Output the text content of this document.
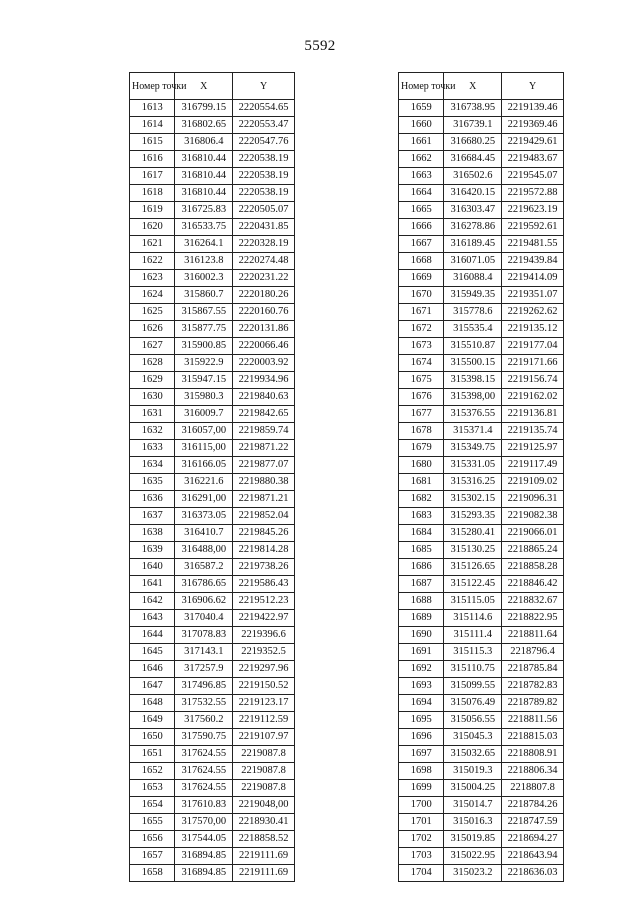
5592
Номер точки	X	Y
1613	316799.15	2220554.65
1614	316802.65	2220553.47
1615	316806.4	2220547.76
1616	316810.44	2220538.19
1617	316810.44	2220538.19
1618	316810.44	2220538.19
1619	316725.83	2220505.07
1620	316533.75	2220431.85
1621	316264.1	2220328.19
1622	316123.8	2220274.48
1623	316002.3	2220231.22
1624	315860.7	2220180.26
1625	315867.55	2220160.76
1626	315877.75	2220131.86
1627	315900.85	2220066.46
1628	315922.9	2220003.92
1629	315947.15	2219934.96
1630	315980.3	2219840.63
1631	316009.7	2219842.65
1632	316057,00	2219859.74
1633	316115,00	2219871.22
1634	316166.05	2219877.07
1635	316221.6	2219880.38
1636	316291,00	2219871.21
1637	316373.05	2219852.04
1638	316410.7	2219845.26
1639	316488,00	2219814.28
1640	316587.2	2219738.26
1641	316786.65	2219586.43
1642	316906.62	2219512.23
1643	317040.4	2219422.97
1644	317078.83	2219396.6
1645	317143.1	2219352.5
1646	317257.9	2219297.96
1647	317496.85	2219150.52
1648	317532.55	2219123.17
1649	317560.2	2219112.59
1650	317590.75	2219107.97
1651	317624.55	2219087.8
1652	317624.55	2219087.8
1653	317624.55	2219087.8
1654	317610.83	2219048,00
1655	317570,00	2218930.41
1656	317544.05	2218858.52
1657	316894.85	2219111.69
1658	316894.85	2219111.69
Номер точки	X	Y
1659	316738.95	2219139.46
1660	316739.1	2219369.46
1661	316680.25	2219429.61
1662	316684.45	2219483.67
1663	316502.6	2219545.07
1664	316420.15	2219572.88
1665	316303.47	2219623.19
1666	316278.86	2219592.61
1667	316189.45	2219481.55
1668	316071.05	2219439.84
1669	316088.4	2219414.09
1670	315949.35	2219351.07
1671	315778.6	2219262.62
1672	315535.4	2219135.12
1673	315510.87	2219177.04
1674	315500.15	2219171.66
1675	315398.15	2219156.74
1676	315398,00	2219162.02
1677	315376.55	2219136.81
1678	315371.4	2219135.74
1679	315349.75	2219125.97
1680	315331.05	2219117.49
1681	315316.25	2219109.02
1682	315302.15	2219096.31
1683	315293.35	2219082.38
1684	315280.41	2219066.01
1685	315130.25	2218865.24
1686	315126.65	2218858.28
1687	315122.45	2218846.42
1688	315115.05	2218832.67
1689	315114.6	2218822.95
1690	315111.4	2218811.64
1691	315115.3	2218796.4
1692	315110.75	2218785.84
1693	315099.55	2218782.83
1694	315076.49	2218789.82
1695	315056.55	2218811.56
1696	315045.3	2218815.03
1697	315032.65	2218808.91
1698	315019.3	2218806.34
1699	315004.25	2218807.8
1700	315014.7	2218784.26
1701	315016.3	2218747.59
1702	315019.85	2218694.27
1703	315022.95	2218643.94
1704	315023.2	2218636.03
